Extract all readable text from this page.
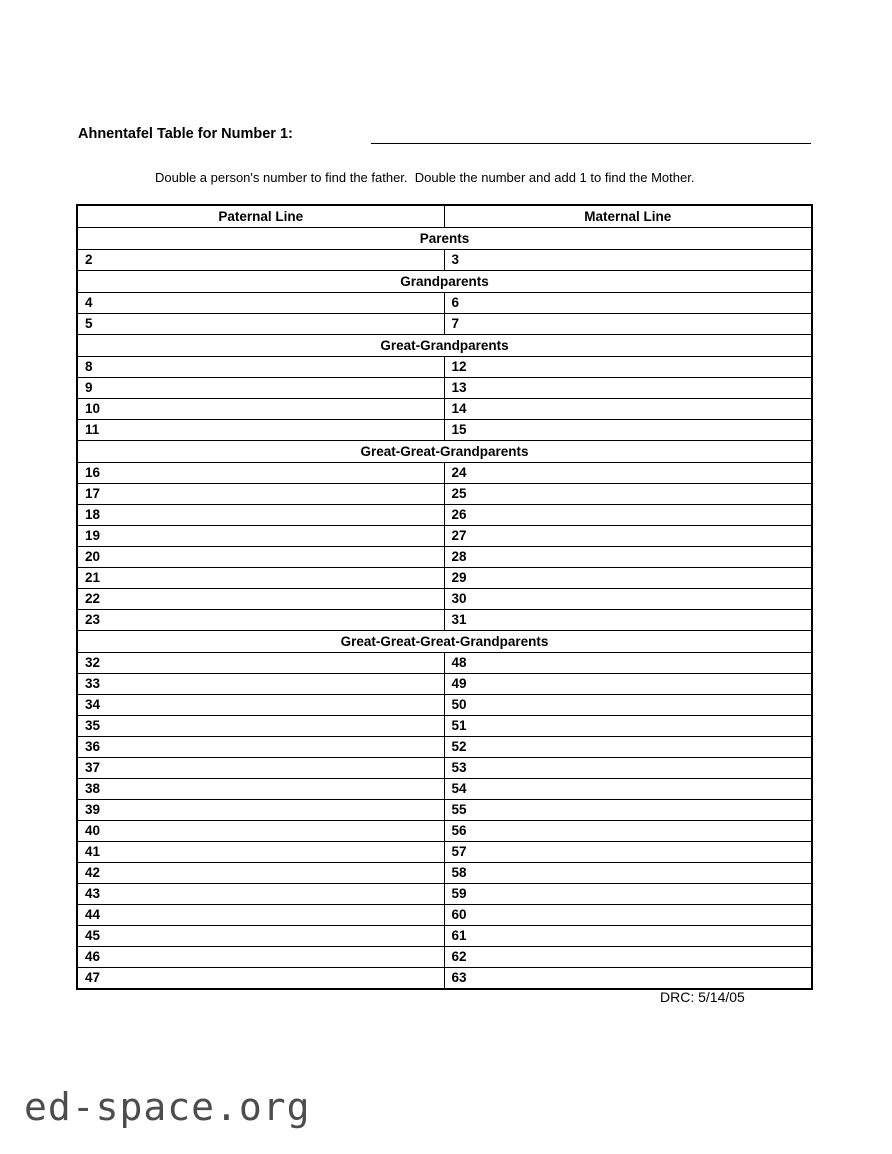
Ahnentafel Table for Number 1:
Double a person's number to find the father.  Double the number and add 1 to find the Mother.
Paternal Line	Maternal Line
Parents	
2	3
Grandparents	
4	6
5	7
Great-Grandparents	
8	12
9	13
10	14
11	15
Great-Great-Grandparents	
16	24
17	25
18	26
19	27
20	28
21	29
22	30
23	31
Great-Great-Great-Grandparents	
32	48
33	49
34	50
35	51
36	52
37	53
38	54
39	55
40	56
41	57
42	58
43	59
44	60
45	61
46	62
47	63
DRC: 5/14/05
ed-space.org
